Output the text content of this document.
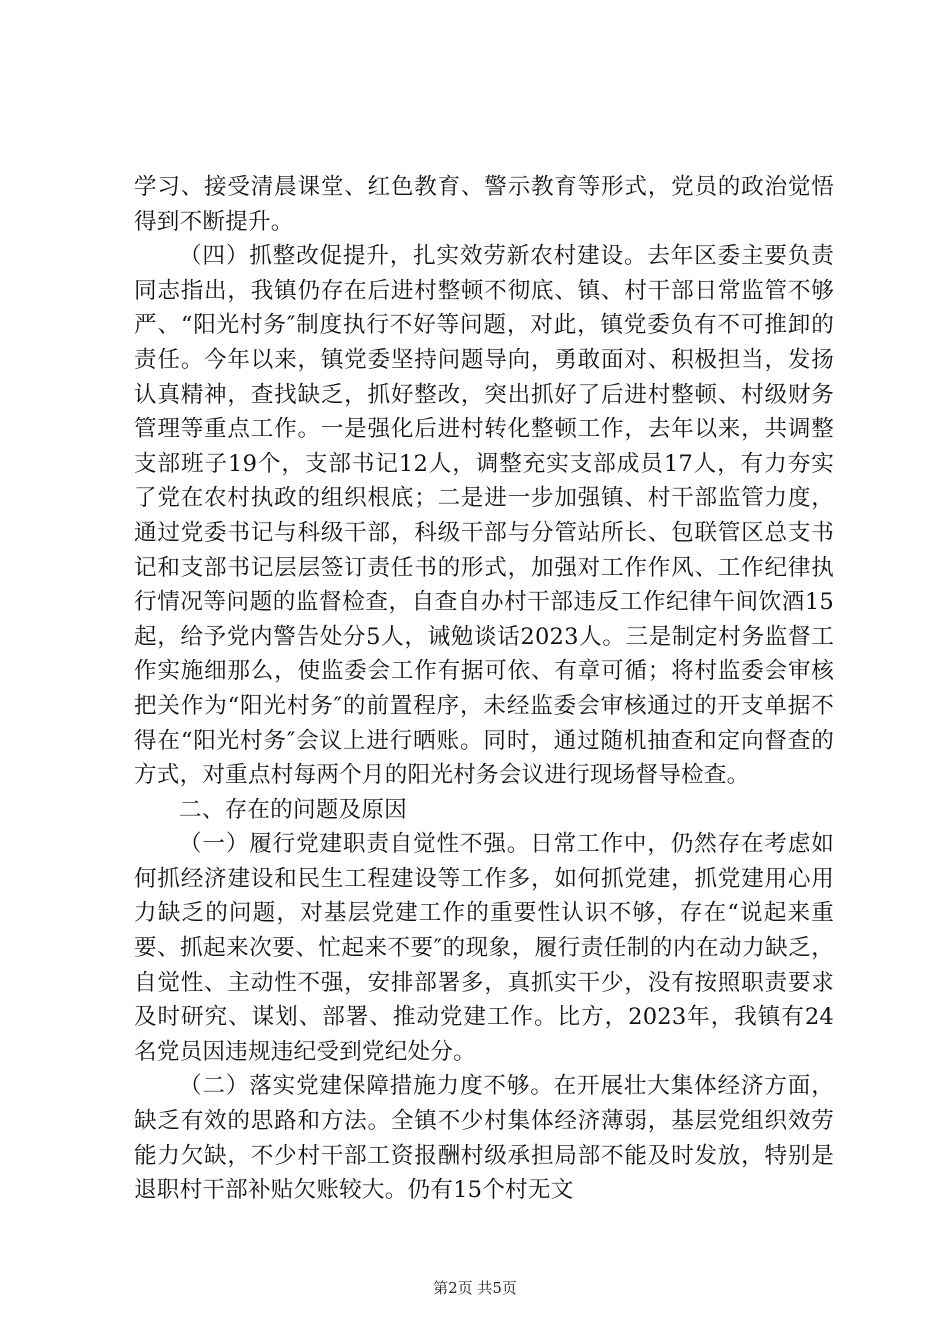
学习、接受清晨课堂、红色教育、警示教育等形式，党员的政治觉悟得到不断提升。

（四）抓整改促提升，扎实效劳新农村建设。去年区委主要负责同志指出，我镇仍存在后进村整顿不彻底、镇、村干部日常监管不够严、“阳光村务″制度执行不好等问题，对此，镇党委负有不可推卸的责任。今年以来，镇党委坚持问题导向，勇敢面对、积极担当，发扬认真精神，查找缺乏，抓好整改，突出抓好了后进村整顿、村级财务管理等重点工作。一是强化后进村转化整顿工作，去年以来，共调整支部班子19个，支部书记12人，调整充实支部成员17人，有力夯实了党在农村执政的组织根底；二是进一步加强镇、村干部监管力度，通过党委书记与科级干部，科级干部与分管站所长、包联管区总支书记和支部书记层层签订责任书的形式，加强对工作作风、工作纪律执行情况等问题的监督检查，自查自办村干部违反工作纪律午间饮酒15起，给予党内警告处分5人，诫勉谈话2023人。三是制定村务监督工作实施细那么，使监委会工作有据可依、有章可循；将村监委会审核把关作为“阳光村务″的前置程序，未经监委会审核通过的开支单据不得在“阳光村务″会议上进行晒账。同时，通过随机抽查和定向督查的方式，对重点村每两个月的阳光村务会议进行现场督导检查。

二、存在的问题及原因

（一）履行党建职责自觉性不强。日常工作中，仍然存在考虑如何抓经济建设和民生工程建设等工作多，如何抓党建，抓党建用心用力缺乏的问题，对基层党建工作的重要性认识不够，存在“说起来重要、抓起来次要、忙起来不要″的现象，履行责任制的内在动力缺乏，自觉性、主动性不强，安排部署多，真抓实干少，没有按照职责要求及时研究、谋划、部署、推动党建工作。比方，2023年，我镇有24名党员因违规违纪受到党纪处分。

（二）落实党建保障措施力度不够。在开展壮大集体经济方面，缺乏有效的思路和方法。全镇不少村集体经济薄弱，基层党组织效劳能力欠缺，不少村干部工资报酬村级承担局部不能及时发放，特别是退职村干部补贴欠账较大。仍有15个村无文

第2页 共5页
